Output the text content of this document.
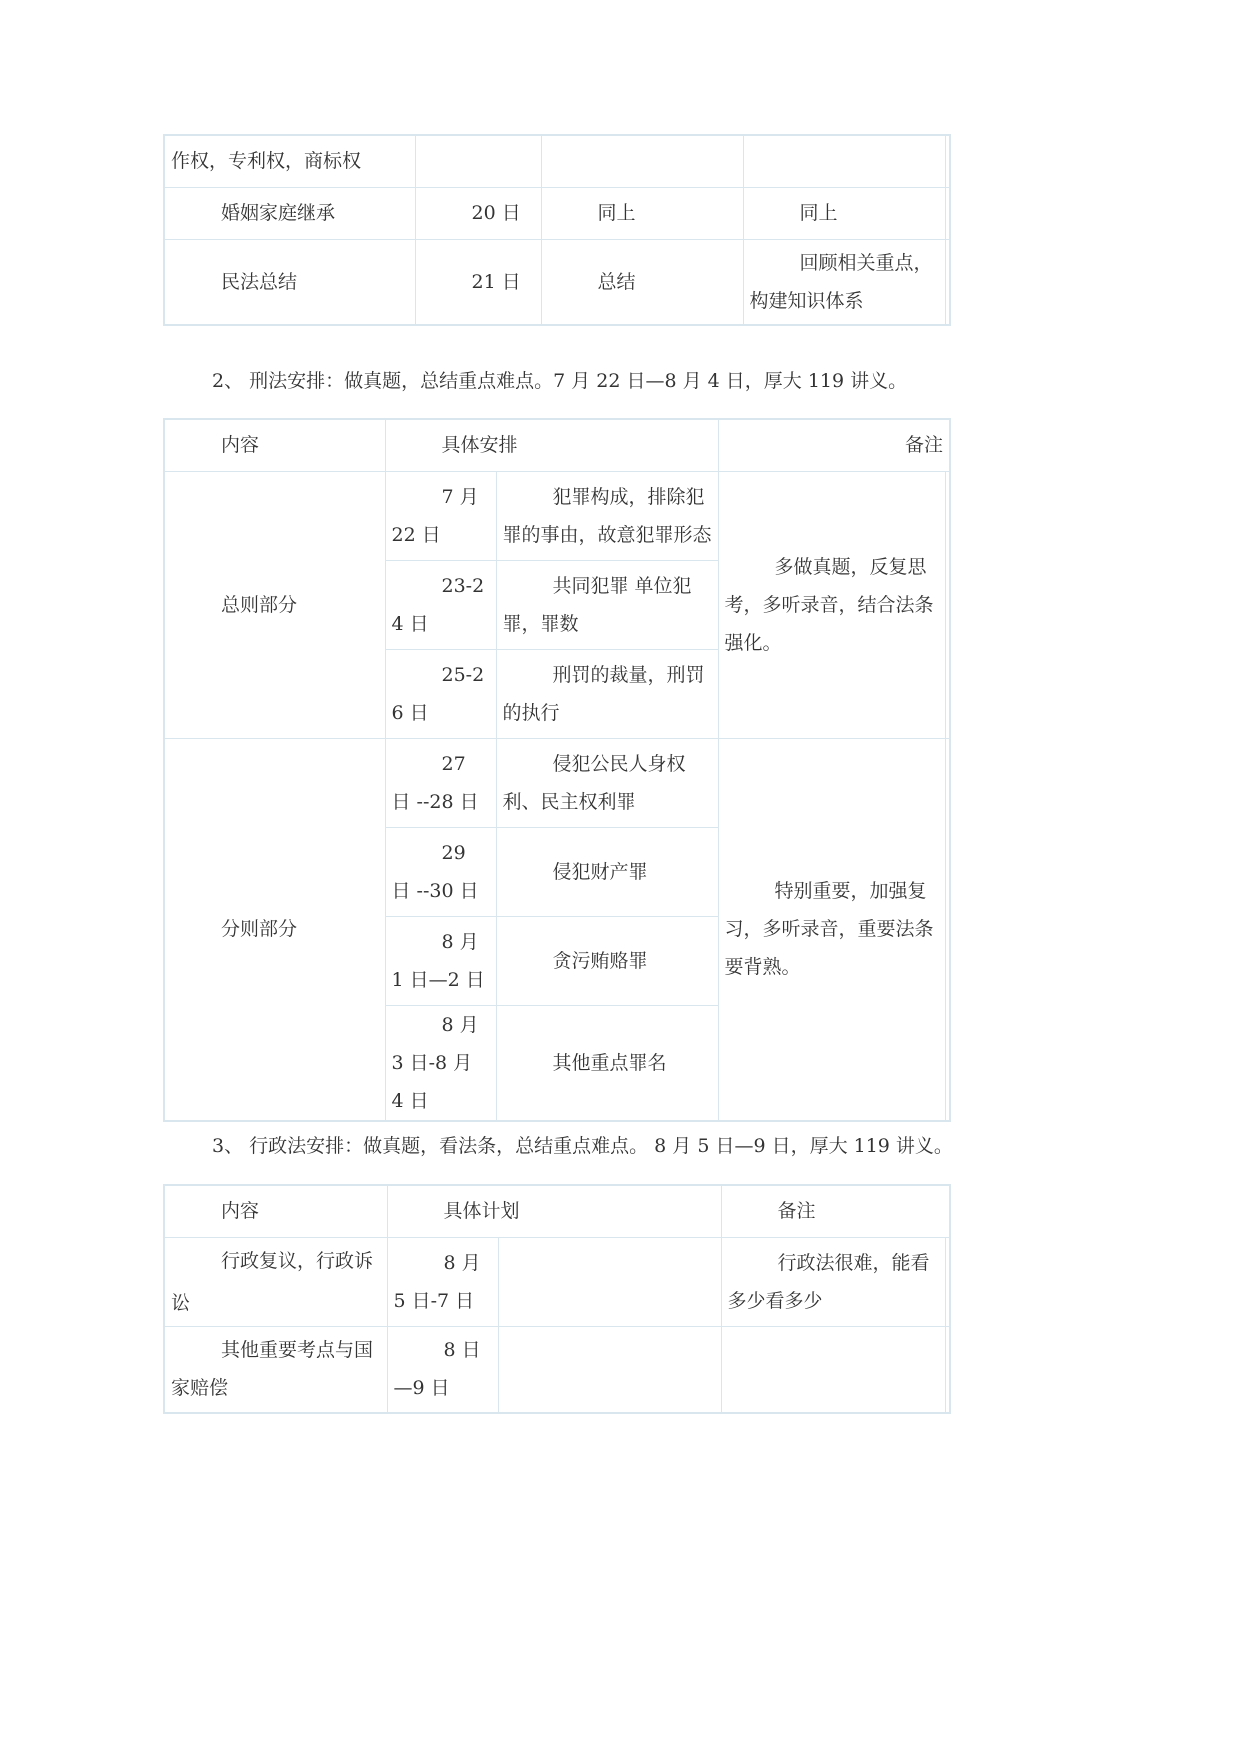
作权，专利权，商标权				
婚姻家庭继承	20 日	同上	同上	
民法总结	21 日	总结	回顾相关重点，构建知识体系	
2、 刑法安排：做真题，总结重点难点。7 月 22 日—8 月 4 日，厚大 119 讲义。
内容	具体安排		备注	
总则部分	7 月 22 日	犯罪构成，排除犯罪的事由，故意犯罪形态	多做真题，反复思考，多听录音，结合法条强化。	
	23-24 日	共同犯罪 单位犯罪，罪数		
	25-26 日	刑罚的裁量，刑罚的执行		
分则部分	27 日 --28 日	侵犯公民人身权利、民主权利罪	特别重要，加强复习，多听录音，重要法条要背熟。	
	29 日 --30 日	侵犯财产罪		
	8 月 1 日—2 日	贪污贿赂罪		
	8 月 3 日-8 月 4 日	其他重点罪名		
3、 行政法安排：做真题，看法条，总结重点难点。 8 月 5 日—9 日，厚大 119 讲义。
内容	具体计划		备注	
行政复议，行政诉讼	8 月 5 日-7 日		行政法很难，能看多少看多少	
其他重要考点与国家赔偿	8 日 —9 日			
